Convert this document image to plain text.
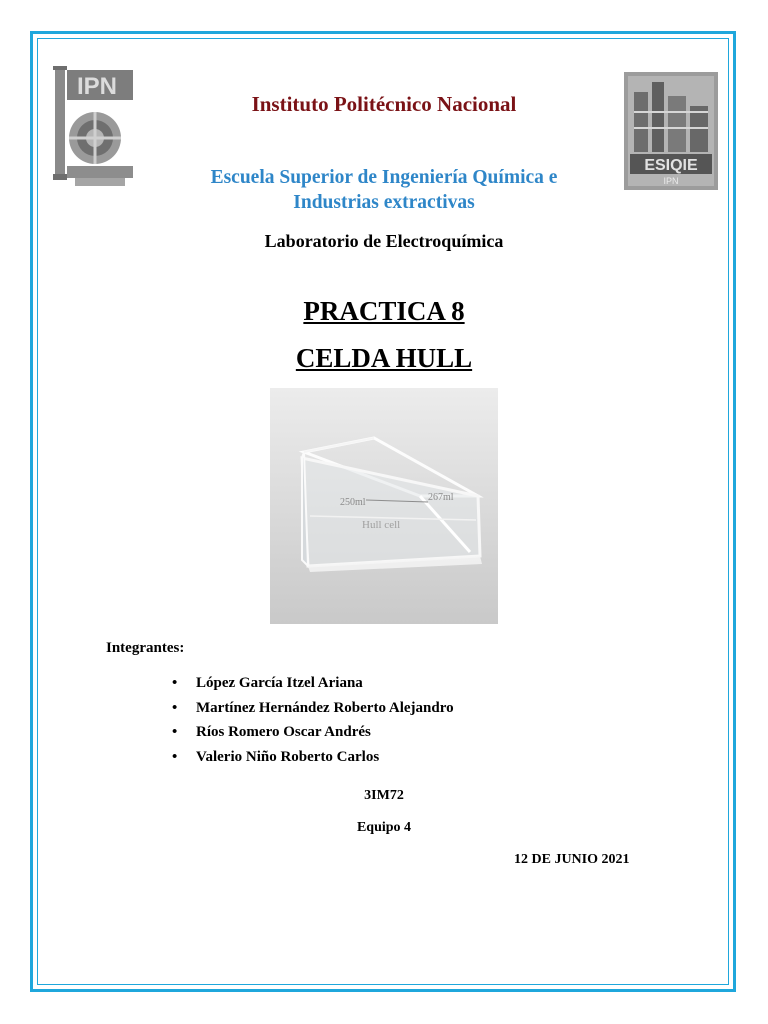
IPN
ESIQIE
IPN
Instituto Politécnico Nacional
Escuela Superior de Ingeniería Química e
Industrias extractivas
Laboratorio de Electroquímica
PRACTICA 8
CELDA HULL
250ml	267ml
Hull cell
Integrantes:
• López García Itzel Ariana
• Martínez Hernández Roberto Alejandro
• Ríos Romero Oscar Andrés
• Valerio Niño Roberto Carlos
3IM72
Equipo 4
12 DE JUNIO 2021
